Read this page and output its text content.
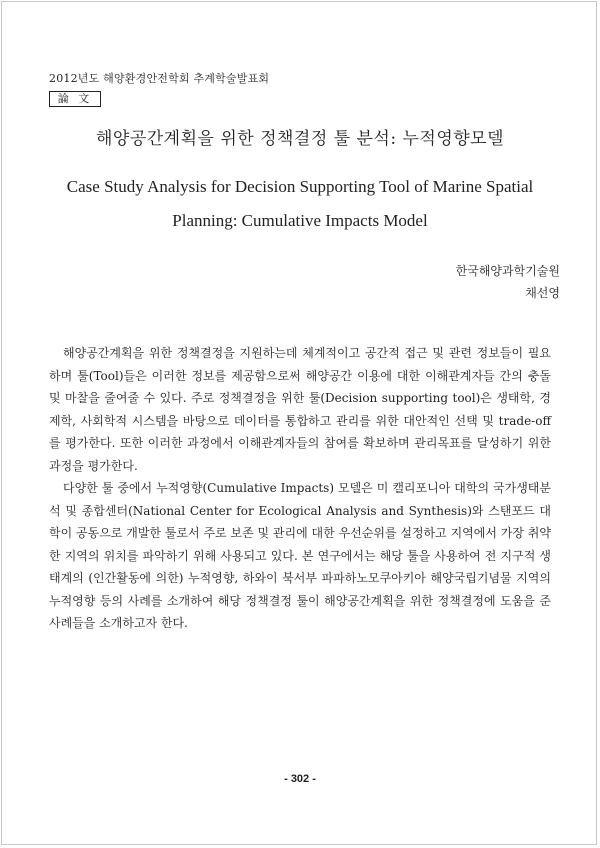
2012년도 해양환경안전학회 추계학술발표회
論 文
해양공간계획을 위한 정책결정 툴 분석: 누적영향모델
Case Study Analysis for Decision Supporting Tool of Marine Spatial Planning: Cumulative Impacts Model
한국해양과학기술원
채선영

해양공간계획을 위한 정책결정을 지원하는데 체계적이고 공간적 접근 및 관련 정보들이 필요하며 툴(Tool)들은 이러한 정보를 제공함으로써 해양공간 이용에 대한 이해관계자들 간의 충돌 및 마찰을 줄여줄 수 있다. 주로 정책결정을 위한 툴(Decision supporting tool)은 생태학, 경제학, 사회학적 시스템을 바탕으로 데이터를 통합하고 관리를 위한 대안적인 선택 및 trade-off를 평가한다. 또한 이러한 과정에서 이해관계자들의 참여를 확보하며 관리목표를 달성하기 위한 과정을 평가한다.

다양한 툴 중에서 누적영향(Cumulative Impacts) 모델은 미 캘리포니아 대학의 국가생태분석 및 종합센터(National Center for Ecological Analysis and Synthesis)와 스탠포드 대학이 공동으로 개발한 툴로서 주로 보존 및 관리에 대한 우선순위를 설정하고 지역에서 가장 취약한 지역의 위치를 파악하기 위해 사용되고 있다. 본 연구에서는 해당 툴을 사용하여 전 지구적 생태계의 (인간활동에 의한) 누적영향, 하와이 북서부 파파하노모쿠아키아 해양국립기념물 지역의 누적영향 등의 사례를 소개하여 해당 정책결정 툴이 해양공간계획을 위한 정책결정에 도움을 준 사례들을 소개하고자 한다.

- 302 -
